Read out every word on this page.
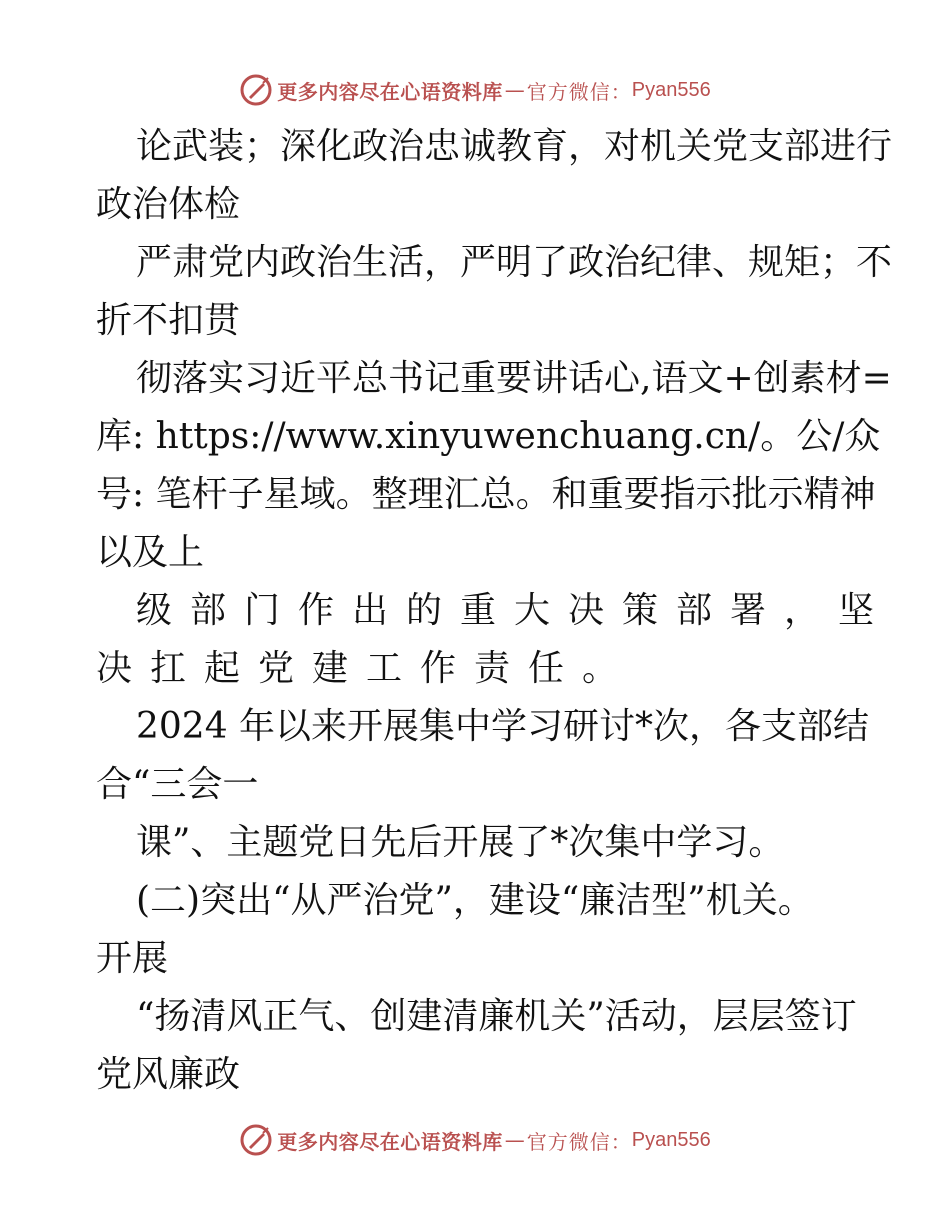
更多内容尽在心语资料库 — 官方微信： Pyan556
论武装；深化政治忠诚教育，对机关党支部进行
政治体检
严肃党内政治生活，严明了政治纪律、规矩；不
折不扣贯
彻落实习近平总书记重要讲话心,语文+创素材=
库: https://www.xinyuwenchuang.cn/。公/众
号: 笔杆子星域。整理汇总。和重要指示批示精神
以及上
级部门作出的重大决策部署，坚
决扛起党建工作责任。
2024 年以来开展集中学习研讨*次，各支部结
合“三会一
课”、主题党日先后开展了*次集中学习。
(二)突出“从严治党”，建设“廉洁型”机关。
开展
“扬清风正气、创建清廉机关”活动，层层签订
党风廉政
更多内容尽在心语资料库 — 官方微信： Pyan556
